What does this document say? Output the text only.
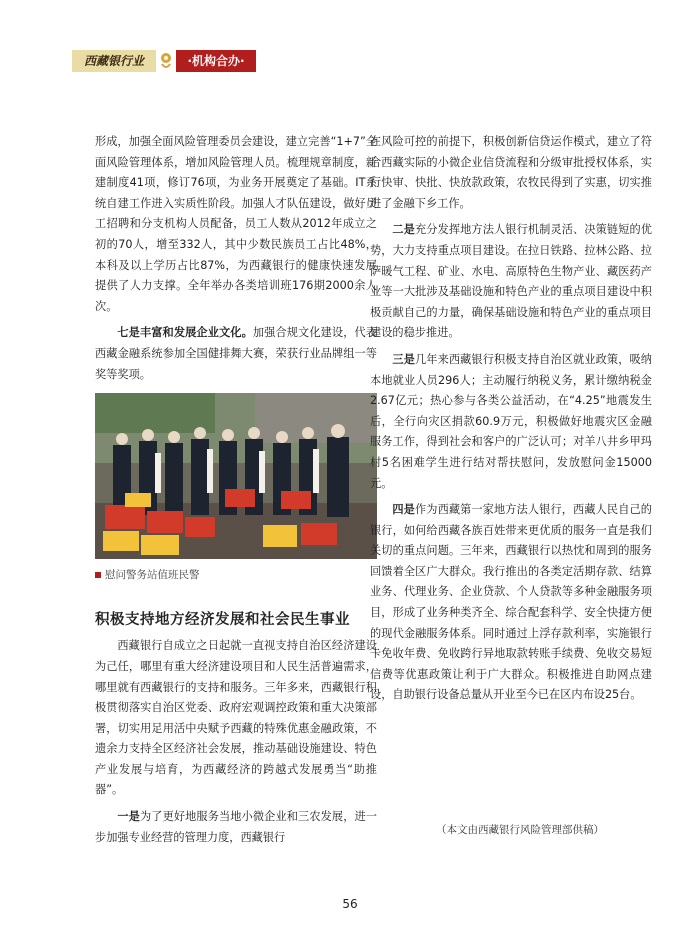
西藏银行业	·机构合办·

形成，加强全面风险管理委员会建设，建立完善“1+7”全面风险管理体系，增加风险管理人员。梳理规章制度，新建制度41项，修订76项，为业务开展奠定了基础。IT系统自建工作进入实质性阶段。加强人才队伍建设，做好员工招聘和分支机构人员配备，员工人数从2012年成立之初的70人，增至332人，其中少数民族员工占比48%，本科及以上学历占比87%，为西藏银行的健康快速发展提供了人力支撑。全年举办各类培训班176期2000余人次。

七是丰富和发展企业文化。加强合规文化建设，代表西藏金融系统参加全国健排舞大赛，荣获行业品牌组一等奖等奖项。

慰问警务站值班民警

积极支持地方经济发展和社会民生事业

西藏银行自成立之日起就一直视支持自治区经济建设为己任，哪里有重大经济建设项目和人民生活普遍需求，哪里就有西藏银行的支持和服务。三年多来，西藏银行积极贯彻落实自治区党委、政府宏观调控政策和重大决策部署，切实用足用活中央赋予西藏的特殊优惠金融政策，不遗余力支持全区经济社会发展，推动基础设施建设、特色产业发展与培育，为西藏经济的跨越式发展勇当“助推器”。

一是为了更好地服务当地小微企业和三农发展，进一步加强专业经营的管理力度，西藏银行

在风险可控的前提下，积极创新信贷运作模式，建立了符合西藏实际的小微企业信贷流程和分级审批授权体系，实行快审、快批、快放款政策，农牧民得到了实惠，切实推进了金融下乡工作。

二是充分发挥地方法人银行机制灵活、决策链短的优势，大力支持重点项目建设。在拉日铁路、拉林公路、拉萨暖气工程、矿业、水电、高原特色生物产业、藏医药产业等一大批涉及基础设施和特色产业的重点项目建设中积极贡献自己的力量，确保基础设施和特色产业的重点项目建设的稳步推进。

三是几年来西藏银行积极支持自治区就业政策，吸纳本地就业人员296人；主动履行纳税义务，累计缴纳税金2.67亿元；热心参与各类公益活动，在“4.25”地震发生后，全行向灾区捐款60.9万元，积极做好地震灾区金融服务工作，得到社会和客户的广泛认可；对羊八井乡甲玛村5名困难学生进行结对帮扶慰问，发放慰问金15000元。

四是作为西藏第一家地方法人银行，西藏人民自己的银行，如何给西藏各族百姓带来更优质的服务一直是我们关切的重点问题。三年来，西藏银行以热忱和周到的服务回馈着全区广大群众。我行推出的各类定活期存款、结算业务、代理业务、企业贷款、个人贷款等多种金融服务项目，形成了业务种类齐全、综合配套科学、安全快捷方便的现代金融服务体系。同时通过上浮存款利率，实施银行卡免收年费、免收跨行异地取款转账手续费、免收交易短信费等优惠政策让利于广大群众。积极推进自助网点建设，自助银行设备总量从开业至今已在区内布设25台。

（本文由西藏银行风险管理部供稿）
56
